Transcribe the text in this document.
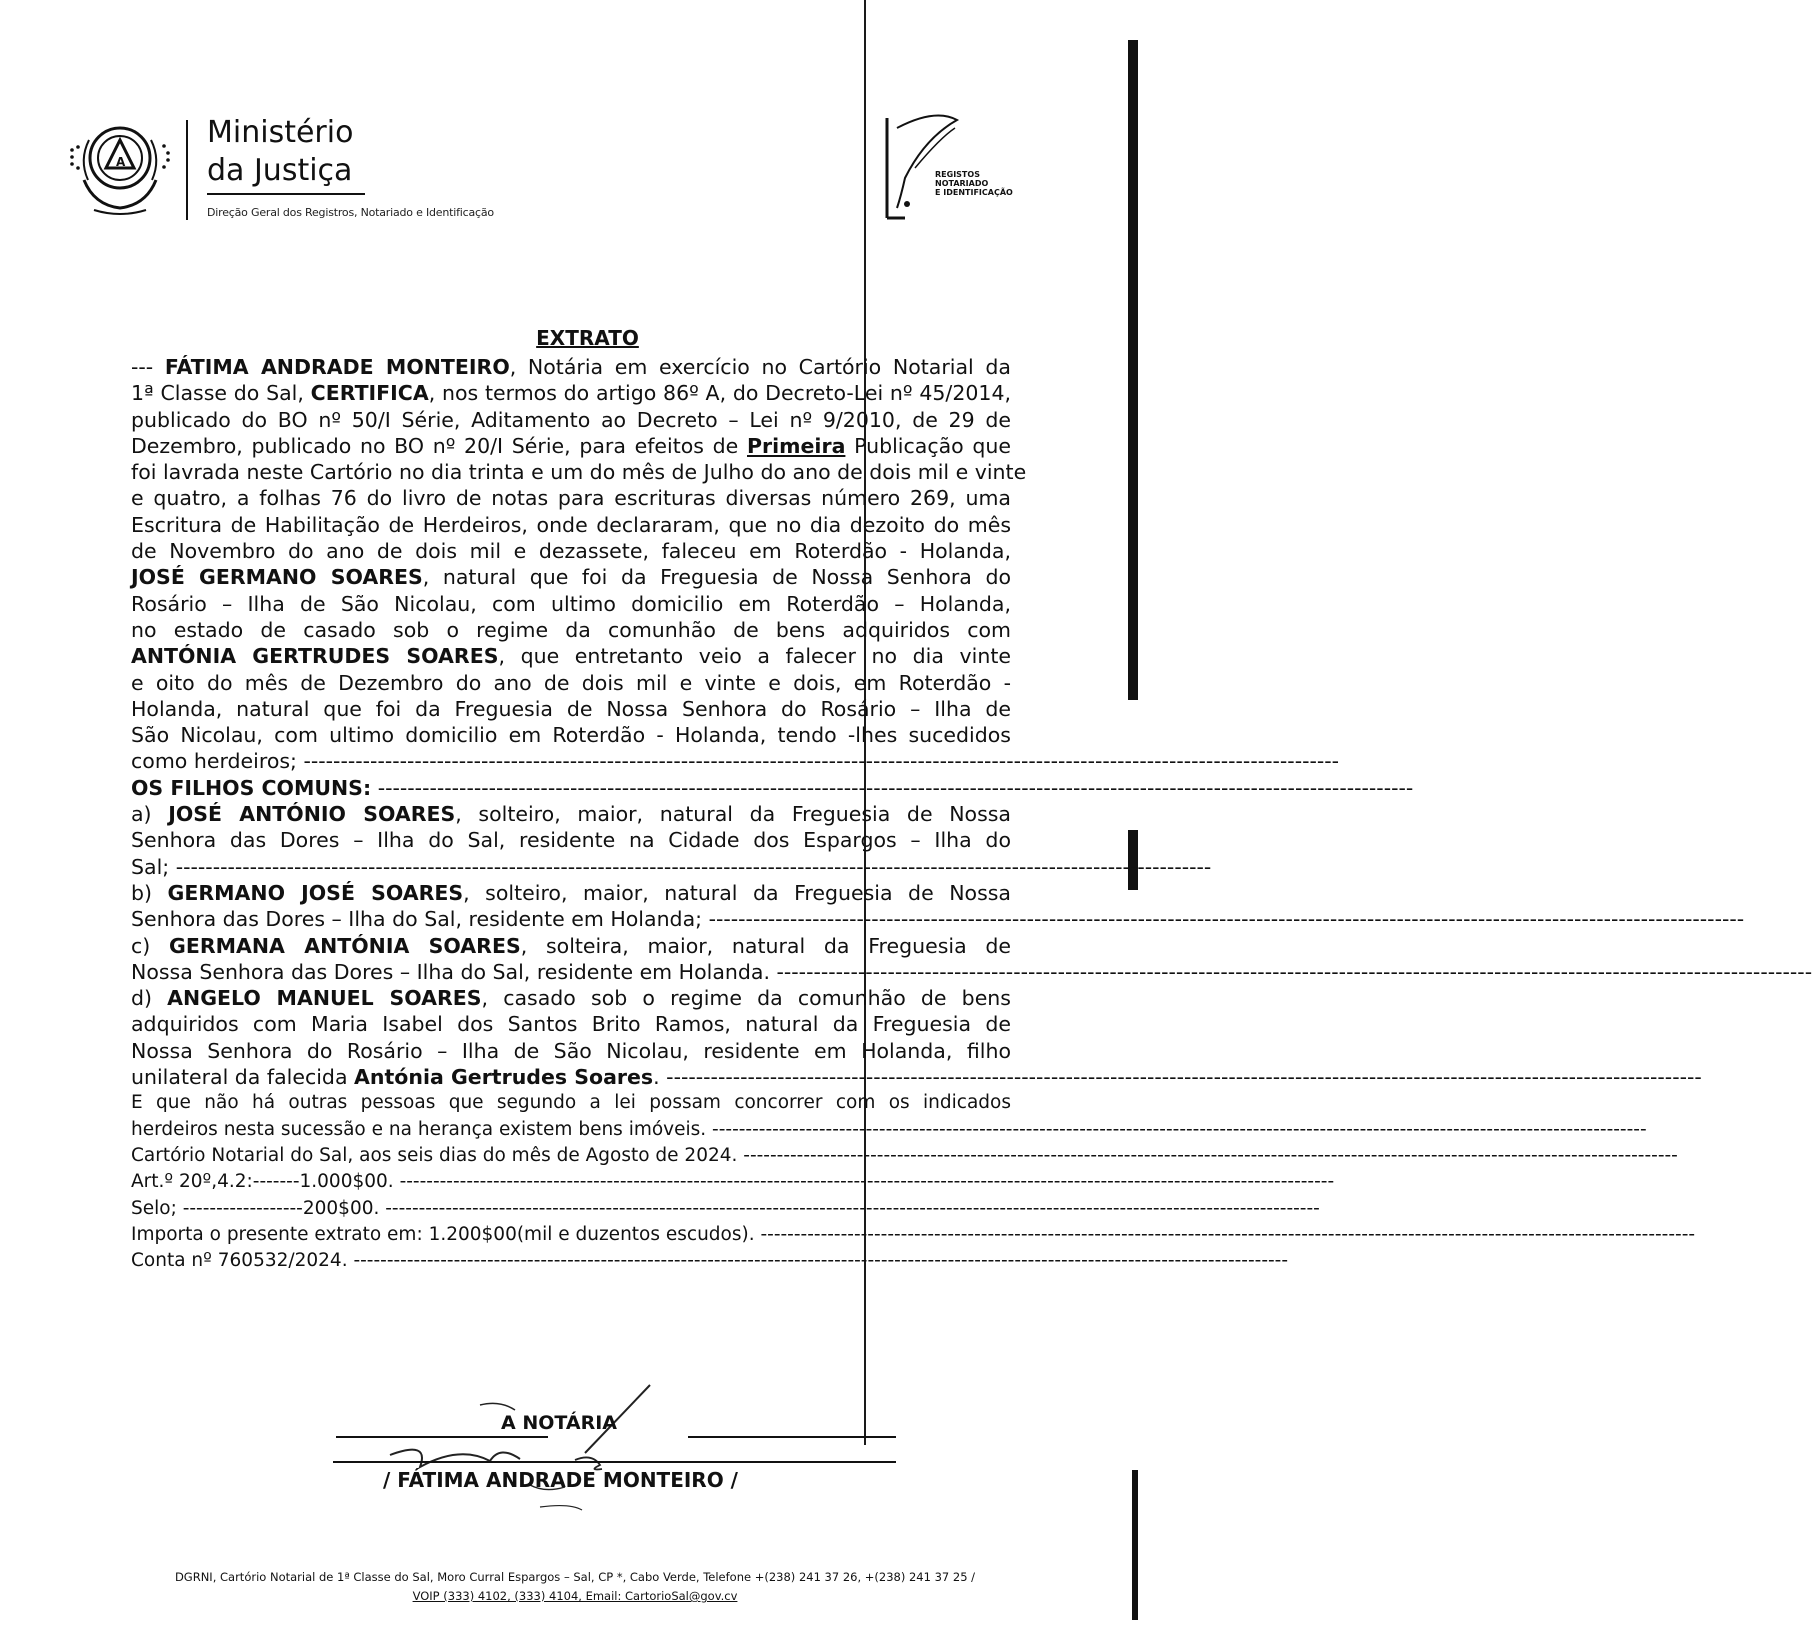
A
Ministério
da Justiça
Direção Geral dos Registros, Notariado e Identificação
REGISTOS
NOTARIADO
E IDENTIFICAÇÃO
EXTRATO
--- FÁTIMA ANDRADE MONTEIRO, Notária em exercício no Cartório Notarial da
1ª Classe do Sal, CERTIFICA, nos termos do artigo 86º A, do Decreto-Lei nº 45/2014,
publicado do BO nº 50/I Série, Aditamento ao Decreto – Lei nº 9/2010, de 29 de
Dezembro, publicado no BO nº 20/I Série, para efeitos de Primeira Publicação que
foi lavrada neste Cartório no dia trinta e um do mês de Julho do ano de dois mil e vinte
e quatro, a folhas 76 do livro de notas para escrituras diversas número 269, uma
Escritura de Habilitação de Herdeiros, onde declararam, que no dia dezoito do mês
de Novembro do ano de dois mil e dezassete, faleceu em Roterdão - Holanda,
JOSÉ GERMANO SOARES, natural que foi da Freguesia de Nossa Senhora do
Rosário – Ilha de São Nicolau, com ultimo domicilio em Roterdão – Holanda,
no estado de casado sob o regime da comunhão de bens adquiridos com
ANTÓNIA GERTRUDES SOARES, que entretanto veio a falecer no dia vinte
e oito do mês de Dezembro do ano de dois mil e vinte e dois, em Roterdão -
Holanda, natural que foi da Freguesia de Nossa Senhora do Rosário – Ilha de
São Nicolau, com ultimo domicilio em Roterdão - Holanda, tendo -lhes sucedidos
como herdeiros; --------------------------------------------------------------------------------------------------------------------------------------------
OS FILHOS COMUNS: --------------------------------------------------------------------------------------------------------------------------------------------
a) JOSÉ ANTÓNIO SOARES, solteiro, maior, natural da Freguesia de Nossa
Senhora das Dores – Ilha do Sal, residente na Cidade dos Espargos – Ilha do
Sal; --------------------------------------------------------------------------------------------------------------------------------------------
b) GERMANO JOSÉ SOARES, solteiro, maior, natural da Freguesia de Nossa
Senhora das Dores – Ilha do Sal, residente em Holanda; --------------------------------------------------------------------------------------------------------------------------------------------
c) GERMANA ANTÓNIA SOARES, solteira, maior, natural da Freguesia de
Nossa Senhora das Dores – Ilha do Sal, residente em Holanda. --------------------------------------------------------------------------------------------------------------------------------------------
d) ANGELO MANUEL SOARES, casado sob o regime da comunhão de bens
adquiridos com Maria Isabel dos Santos Brito Ramos, natural da Freguesia de
Nossa Senhora do Rosário – Ilha de São Nicolau, residente em Holanda, filho
unilateral da falecida Antónia Gertrudes Soares. --------------------------------------------------------------------------------------------------------------------------------------------
E que não há outras pessoas que segundo a lei possam concorrer com os indicados
herdeiros nesta sucessão e na herança existem bens imóveis. --------------------------------------------------------------------------------------------------------------------------------------------
Cartório Notarial do Sal, aos seis dias do mês de Agosto de 2024. --------------------------------------------------------------------------------------------------------------------------------------------
Art.º 20º,4.2:-------1.000$00. --------------------------------------------------------------------------------------------------------------------------------------------
Selo; ------------------200$00. --------------------------------------------------------------------------------------------------------------------------------------------
Importa o presente extrato em: 1.200$00(mil e duzentos escudos). --------------------------------------------------------------------------------------------------------------------------------------------
Conta nº 760532/2024. --------------------------------------------------------------------------------------------------------------------------------------------
A NOTÁRIA
/ FÁTIMA ANDRADE MONTEIRO /
DGRNI, Cartório Notarial de 1ª Classe do Sal, Moro Curral Espargos – Sal, CP *, Cabo Verde, Telefone +(238) 241 37 26, +(238) 241 37 25 /
VOIP (333) 4102, (333) 4104, Email: CartorioSal@gov.cv
